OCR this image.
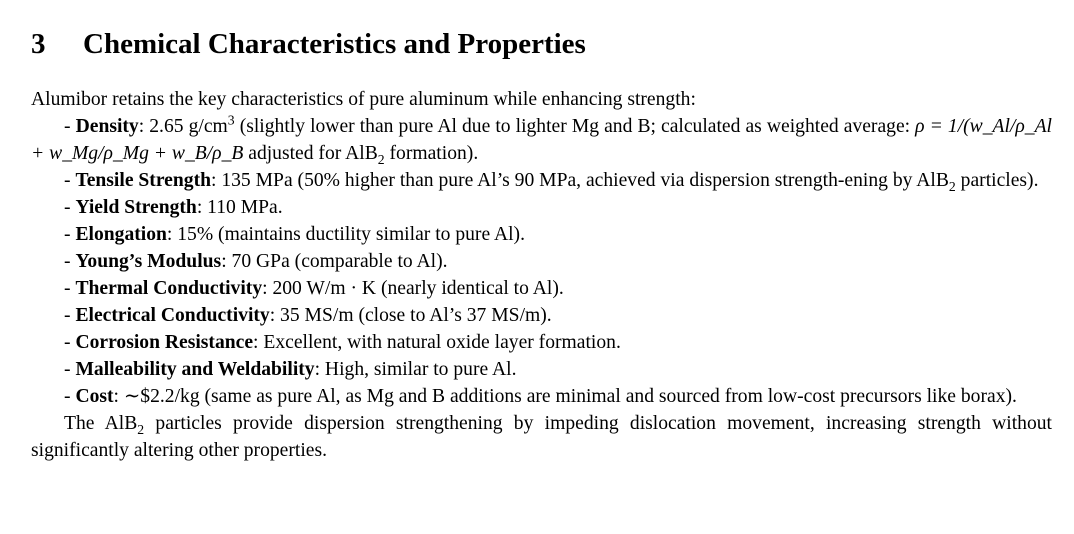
3 Chemical Characteristics and Properties

Alumibor retains the key characteristics of pure aluminum while enhancing strength:

- Density: 2.65 $g/cm^3$ (slightly lower than pure Al due to lighter Mg and B; calculated as weighted average: ρ = 1/(w_Al/ρ_Al + w_Mg/ρ_Mg + w_B/ρ_B adjusted for AlB$_2$ formation).

- Tensile Strength: 135 MPa (50% higher than pure Al’s 90 MPa, achieved via dispersion strength-ening by AlB$_2$ particles).

- Yield Strength: 110 MPa.

- Elongation: 15% (maintains ductility similar to pure Al).

- Young’s Modulus: 70 GPa (comparable to Al).

- Thermal Conductivity: 200 W/m · K (nearly identical to Al).

- Electrical Conductivity: 35 MS/m (close to Al’s 37 MS/m).

- Corrosion Resistance: Excellent, with natural oxide layer formation.

- Malleability and Weldability: High, similar to pure Al.

- Cost: ∼$2.2/kg (same as pure Al, as Mg and B additions are minimal and sourced from low-cost precursors like borax).

The AlB$_2$ particles provide dispersion strengthening by impeding dislocation movement, increasing strength without significantly altering other properties.
